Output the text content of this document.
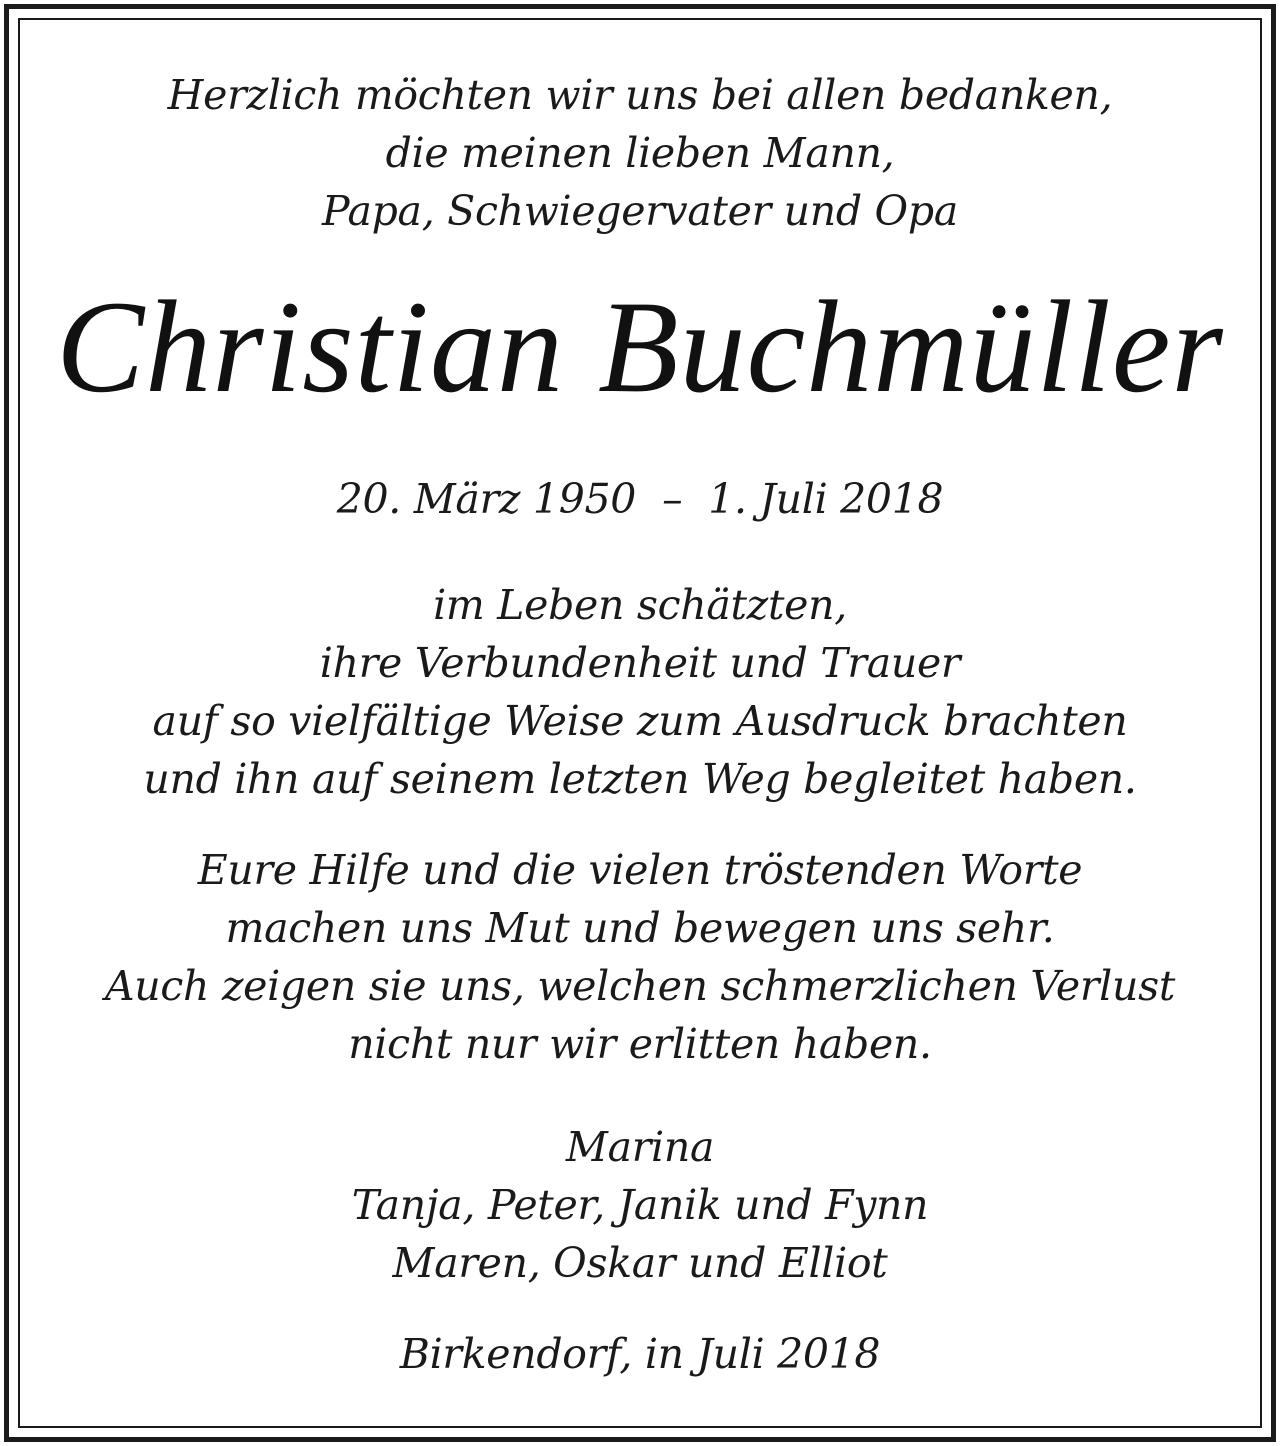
Herzlich möchten wir uns bei allen bedanken,
die meinen lieben Mann,
Papa, Schwiegervater und Opa
Christian Buchmüller
20. März 1950 – 1. Juli 2018
im Leben schätzten,
ihre Verbundenheit und Trauer
auf so vielfältige Weise zum Ausdruck brachten
und ihn auf seinem letzten Weg begleitet haben.
Eure Hilfe und die vielen tröstenden Worte
machen uns Mut und bewegen uns sehr.
Auch zeigen sie uns, welchen schmerzlichen Verlust
nicht nur wir erlitten haben.
Marina
Tanja, Peter, Janik und Fynn
Maren, Oskar und Elliot
Birkendorf, in Juli 2018
